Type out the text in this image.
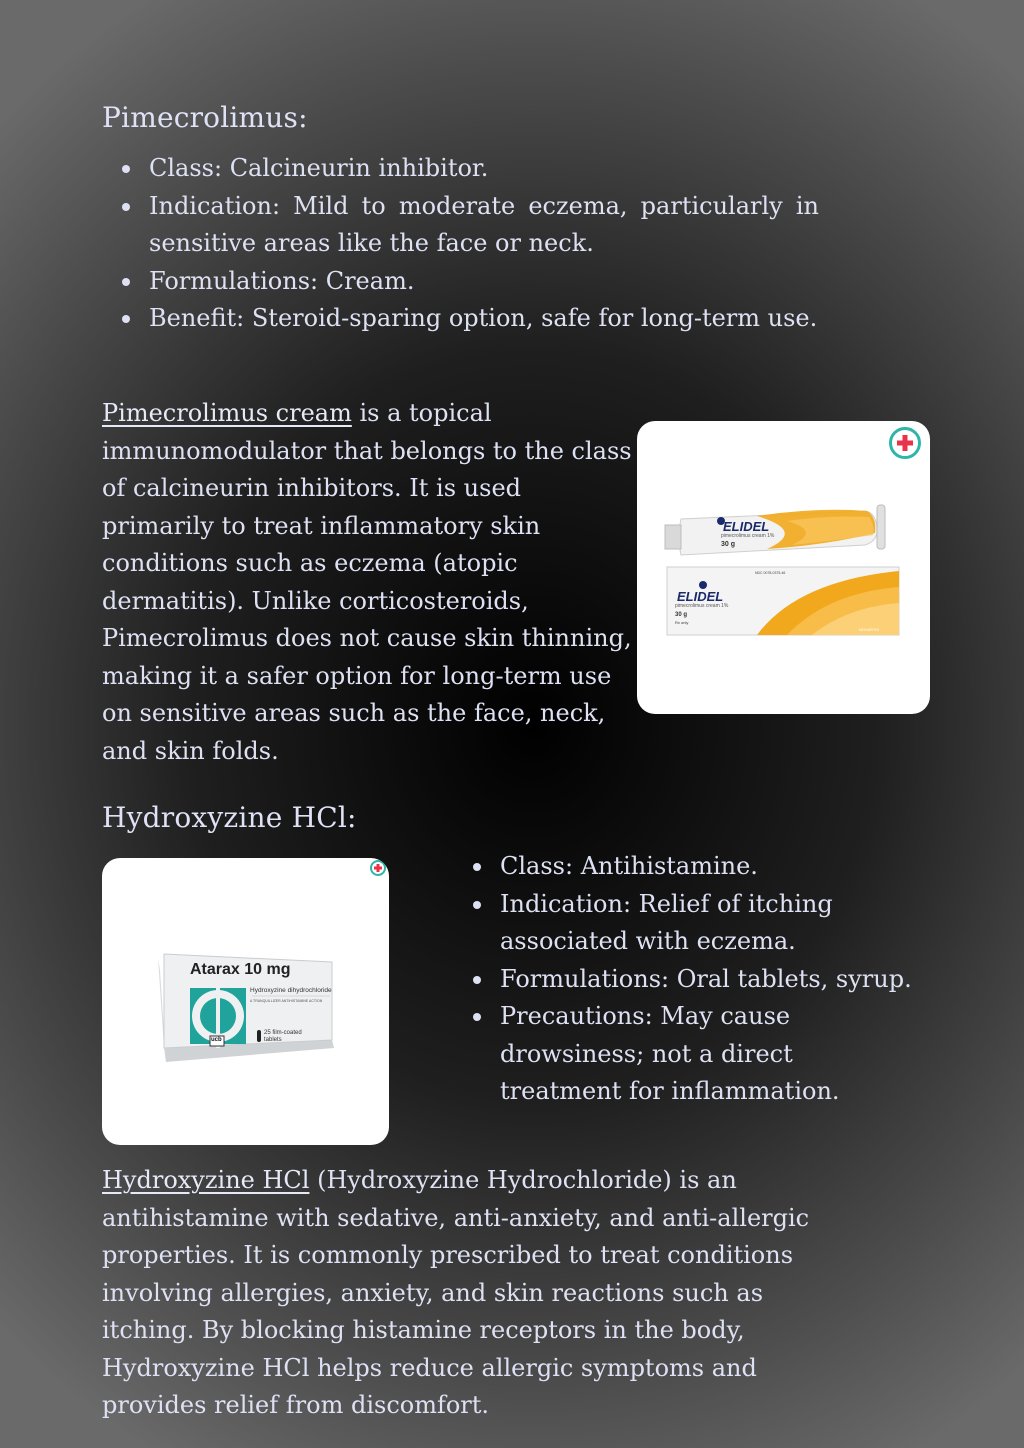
Pimecrolimus:
Class: Calcineurin inhibitor.
Indication: Mild to moderate eczema, particularly in sensitive areas like the face or neck.
Formulations: Cream.
Benefit: Steroid-sparing option, safe for long-term use.

Pimecrolimus cream is a topical immunomodulator that belongs to the class of calcineurin inhibitors. It is used primarily to treat inflammatory skin conditions such as eczema (atopic dermatitis). Unlike corticosteroids, Pimecrolimus does not cause skin thinning, making it a safer option for long-term use on sensitive areas such as the face, neck, and skin folds.

ELIDEL
pimecrolimus cream 1%
30 g
ELIDEL
pimecrolimus cream 1%
30 g
Rx only
NDC 0078-0375-46
NOVARTIS
Hydroxyzine HCl:
Atarax 10 mg
Hydroxyzine dihydrochloride
A TRANQUILLIZER ANTIHISTAMINE ACTION
25 film-coated tablets
ucb
Class: Antihistamine.
Indication: Relief of itching associated with eczema.
Formulations: Oral tablets, syrup.
Precautions: May cause drowsiness; not a direct treatment for inflammation.

Hydroxyzine HCl (Hydroxyzine Hydrochloride) is an antihistamine with sedative, anti-anxiety, and anti-allergic properties. It is commonly prescribed to treat conditions involving allergies, anxiety, and skin reactions such as itching. By blocking histamine receptors in the body, Hydroxyzine HCl helps reduce allergic symptoms and provides relief from discomfort.
